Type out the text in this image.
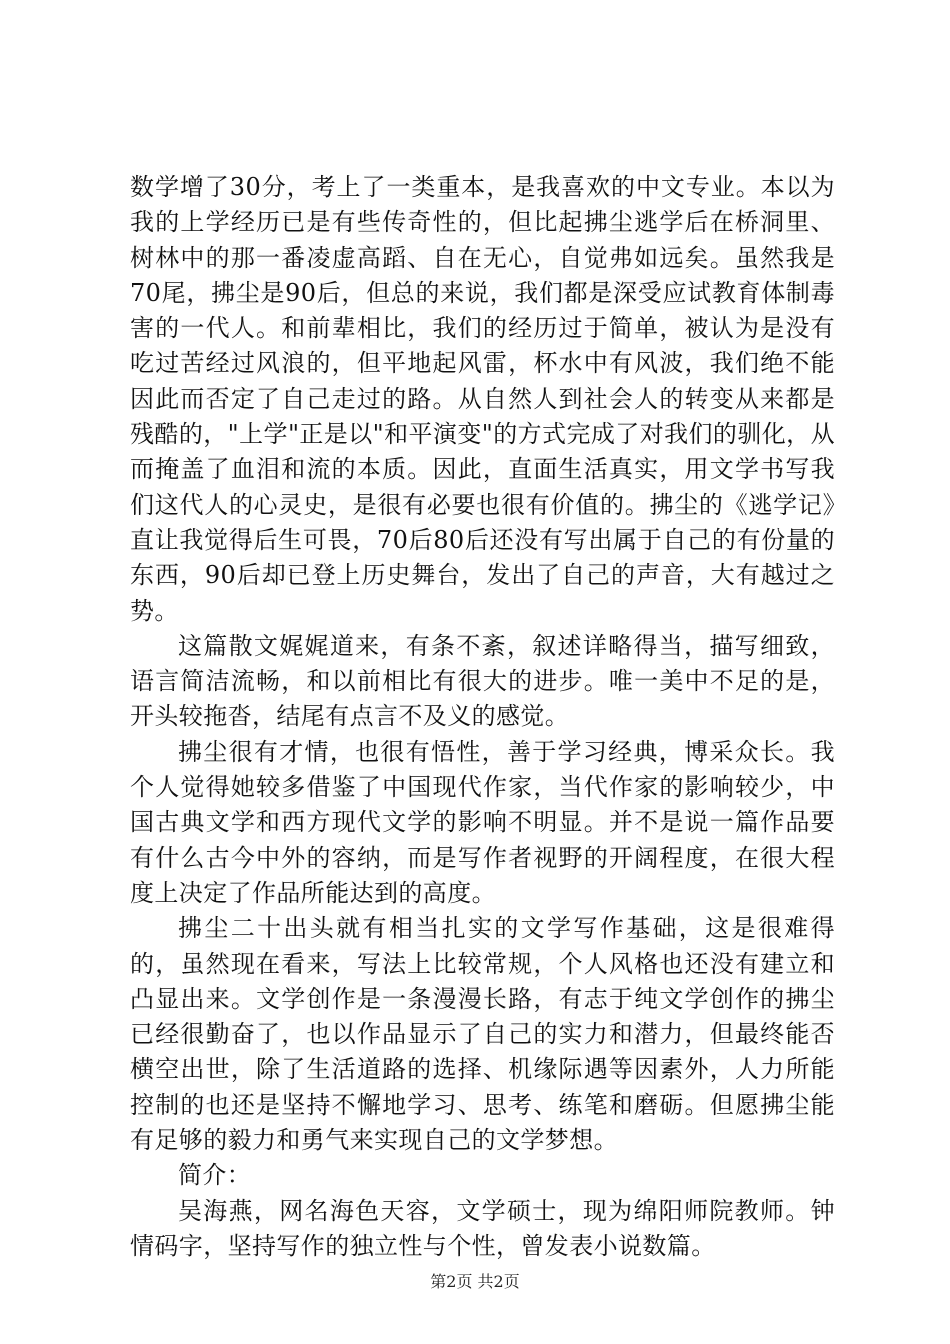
数学增了30分，考上了一类重本，是我喜欢的中文专业。本以为我的上学经历已是有些传奇性的，但比起拂尘逃学后在桥洞里、树林中的那一番凌虚高蹈、自在无心，自觉弗如远矣。虽然我是70尾，拂尘是90后，但总的来说，我们都是深受应试教育体制毒害的一代人。和前辈相比，我们的经历过于简单，被认为是没有吃过苦经过风浪的，但平地起风雷，杯水中有风波，我们绝不能因此而否定了自己走过的路。从自然人到社会人的转变从来都是残酷的，"上学"正是以"和平演变"的方式完成了对我们的驯化，从而掩盖了血泪和流的本质。因此，直面生活真实，用文学书写我们这代人的心灵史，是很有必要也很有价值的。拂尘的《逃学记》直让我觉得后生可畏，70后80后还没有写出属于自己的有份量的东西，90后却已登上历史舞台，发出了自己的声音，大有越过之势。

这篇散文娓娓道来，有条不紊，叙述详略得当，描写细致，语言简洁流畅，和以前相比有很大的进步。唯一美中不足的是，开头较拖沓，结尾有点言不及义的感觉。

拂尘很有才情，也很有悟性，善于学习经典，博采众长。我个人觉得她较多借鉴了中国现代作家，当代作家的影响较少，中国古典文学和西方现代文学的影响不明显。并不是说一篇作品要有什么古今中外的容纳，而是写作者视野的开阔程度，在很大程度上决定了作品所能达到的高度。

拂尘二十出头就有相当扎实的文学写作基础，这是很难得的，虽然现在看来，写法上比较常规，个人风格也还没有建立和凸显出来。文学创作是一条漫漫长路，有志于纯文学创作的拂尘已经很勤奋了，也以作品显示了自己的实力和潜力，但最终能否横空出世，除了生活道路的选择、机缘际遇等因素外，人力所能控制的也还是坚持不懈地学习、思考、练笔和磨砺。但愿拂尘能有足够的毅力和勇气来实现自己的文学梦想。

简介：

吴海燕，网名海色天容，文学硕士，现为绵阳师院教师。钟情码字，坚持写作的独立性与个性，曾发表小说数篇。

第2页 共2页
